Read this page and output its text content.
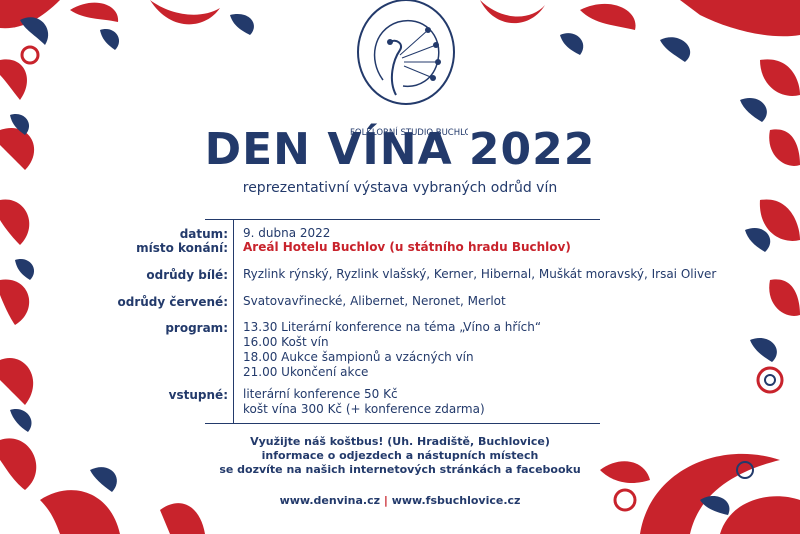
FOLKLORNÍ STUDIO BUCHLO
DEN VÍNA 2022
reprezentativní výstava vybraných odrůd vín
datum: 9. dubna 2022
místo konání: Areál Hotelu Buchlov (u státního hradu Buchlov)
odrůdy bílé: Ryzlink rýnský, Ryzlink vlašský, Kerner, Hibernal, Muškát moravský, Irsai Oliver
odrůdy červené: Svatovavřinecké, Alibernet, Neronet, Merlot
program: 13.30 Literární konference na téma „Víno a hřích“
16.00 Košt vín
18.00 Aukce šampionů a vzácných vín
21.00 Ukončení akce
vstupné: literární konference 50 Kč
košt vína 300 Kč (+ konference zdarma)
Využijte náš koštbus! (Uh. Hradiště, Buchlovice)
informace o odjezdech a nástupních místech
se dozvíte na našich internetových stránkách a facebooku
www.denvina.cz | www.fsbuchlovice.cz
